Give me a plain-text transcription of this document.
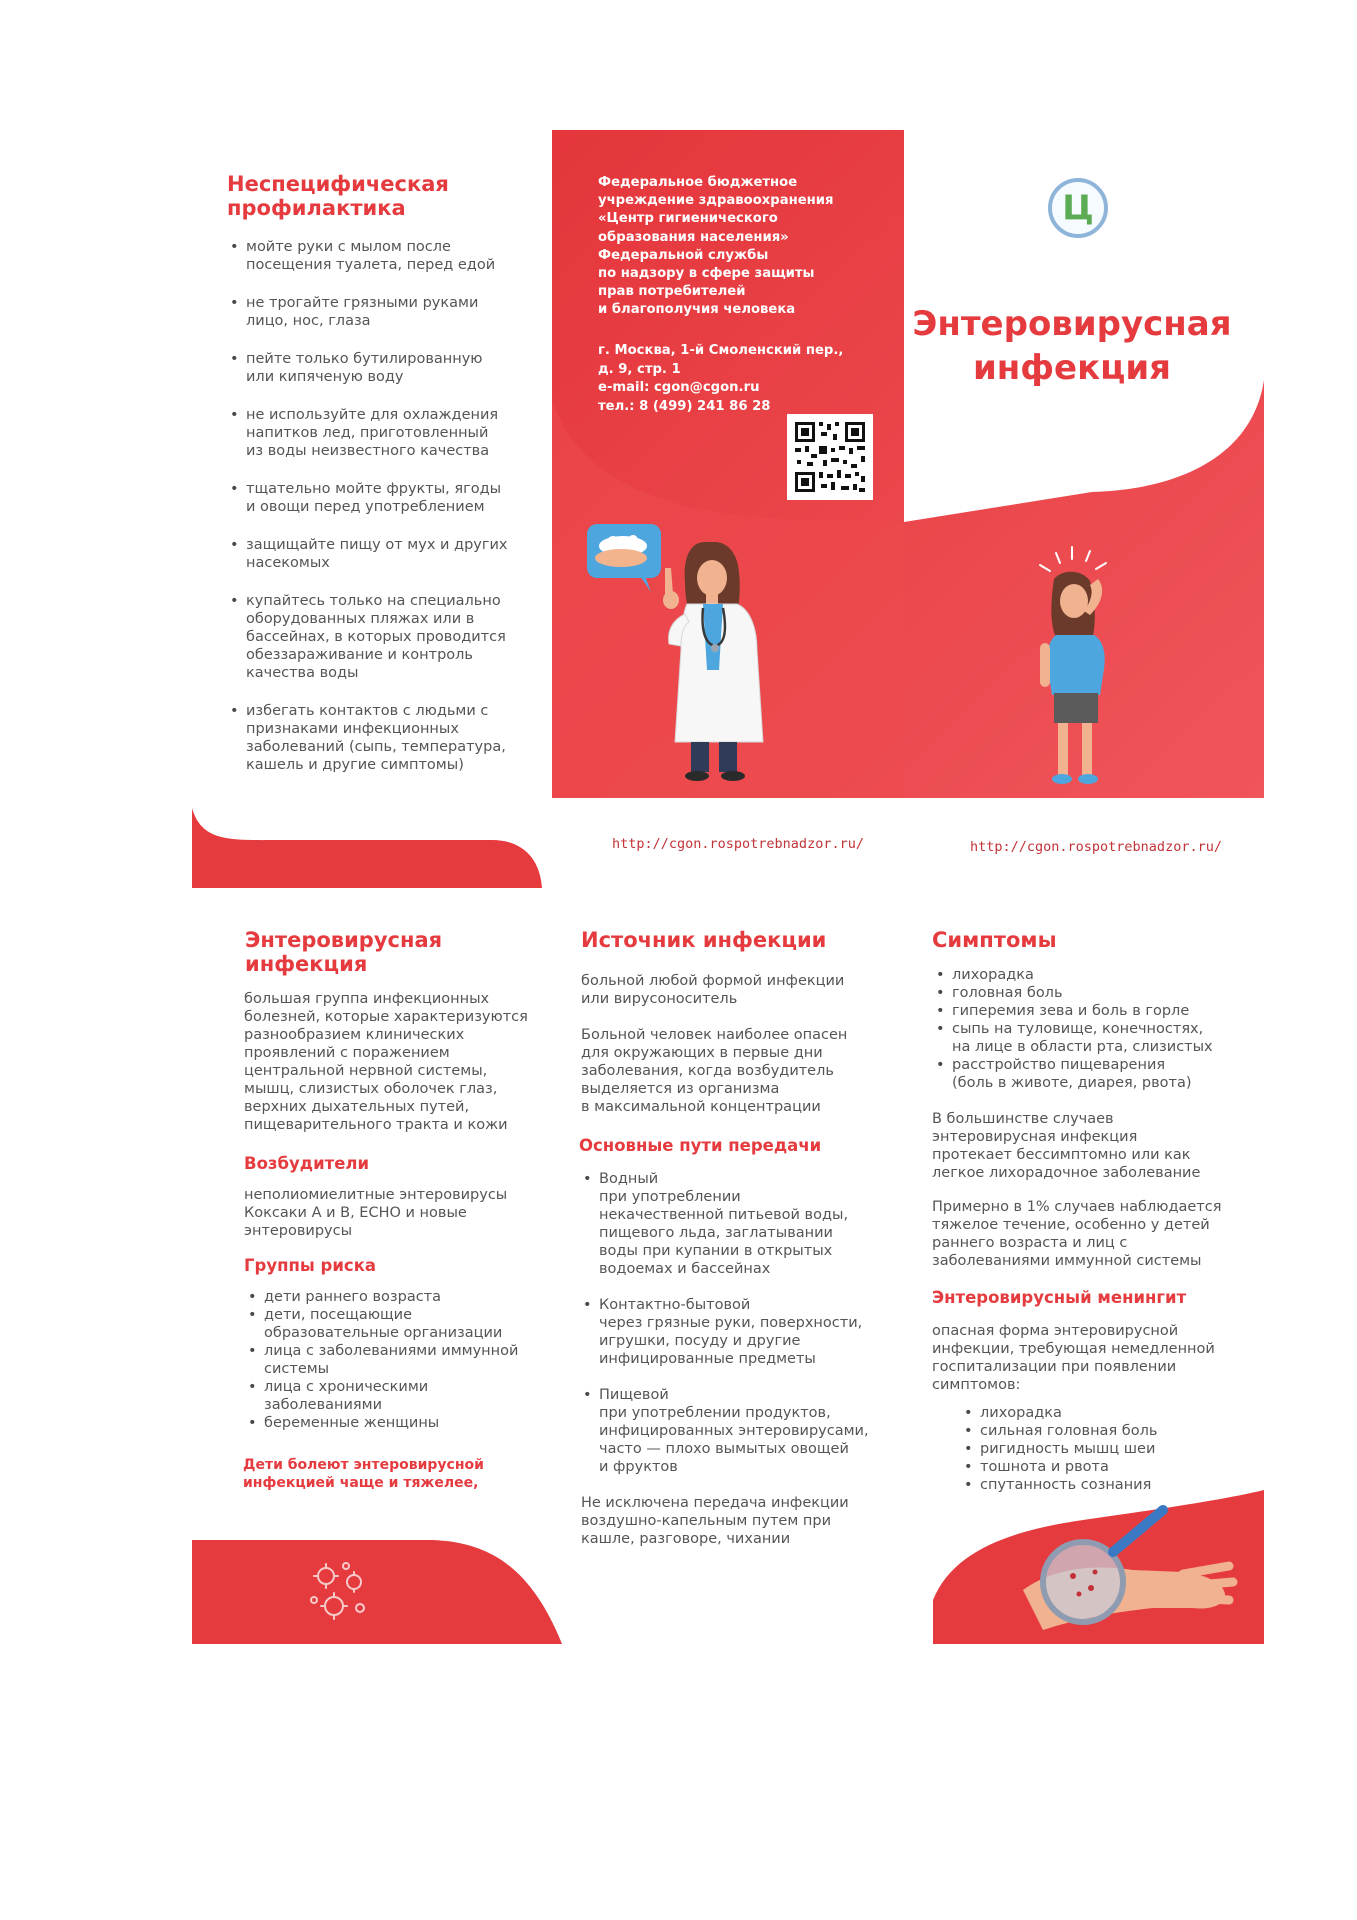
Неспецифическая
профилактика
• мойте руки с мылом после
посещения туалета, перед едой
• не трогайте грязными руками
лицо, нос, глаза
• пейте только бутилированную
или кипяченую воду
• не используйте для охлаждения
напитков лед, приготовленный
из воды неизвестного качества
• тщательно мойте фрукты, ягоды
и овощи перед употреблением
• защищайте пищу от мух и других
насекомых
• купайтесь только на специально
оборудованных пляжах или в
бассейнах, в которых проводится
обеззараживание и контроль
качества воды
• избегать контактов с людьми с
признаками инфекционных
заболеваний (сыпь, температура,
кашель и другие симптомы)
Федеральное бюджетное
учреждение здравоохранения
«Центр гигиенического
образования населения»
Федеральной службы
по надзору в сфере защиты
прав потребителей
и благополучия человека
г. Москва, 1-й Смоленский пер.,
д. 9, стр. 1
e-mail: cgon@cgon.ru
тел.: 8 (499) 241 86 28
Ц
Энтеровирусная
инфекция
http://cgon.rospotrebnadzor.ru/	http://cgon.rospotrebnadzor.ru/
Энтеровирусная
инфекция
большая группа инфекционных
болезней, которые характеризуются
разнообразием клинических
проявлений с поражением
центральной нервной системы,
мышц, слизистых оболочек глаз,
верхних дыхательных путей,
пищеварительного тракта и кожи
Возбудители
неполиомиелитные энтеровирусы
Коксаки А и В, ECHO и новые
энтеровирусы
Группы риска
• дети раннего возраста
• дети, посещающие
образовательные организации
• лица с заболеваниями иммунной
системы
• лица с хроническими
заболеваниями
• беременные женщины
Дети болеют энтеровирусной
инфекцией чаще и тяжелее,
Источник инфекции
больной любой формой инфекции
или вирусоноситель
Больной человек наиболее опасен
для окружающих в первые дни
заболевания, когда возбудитель
выделяется из организма
в максимальной концентрации
Основные пути передачи
• Водный
при употреблении
некачественной питьевой воды,
пищевого льда, заглатывании
воды при купании в открытых
водоемах и бассейнах
• Контактно-бытовой
через грязные руки, поверхности,
игрушки, посуду и другие
инфицированные предметы
• Пищевой
при употреблении продуктов,
инфицированных энтеровирусами,
часто — плохо вымытых овощей
и фруктов
Не исключена передача инфекции
воздушно-капельным путем при
кашле, разговоре, чихании
Симптомы
• лихорадка
• головная боль
• гиперемия зева и боль в горле
• сыпь на туловище, конечностях,
на лице в области рта, слизистых
• расстройство пищеварения
(боль в животе, диарея, рвота)
В большинстве случаев
энтеровирусная инфекция
протекает бессимптомно или как
легкое лихорадочное заболевание
Примерно в 1% случаев наблюдается
тяжелое течение, особенно у детей
раннего возраста и лиц с
заболеваниями иммунной системы
Энтеровирусный менингит
опасная форма энтеровирусной
инфекции, требующая немедленной
госпитализации при появлении
симптомов:
• лихорадка
• сильная головная боль
• ригидность мышц шеи
• тошнота и рвота
• спутанность сознания
